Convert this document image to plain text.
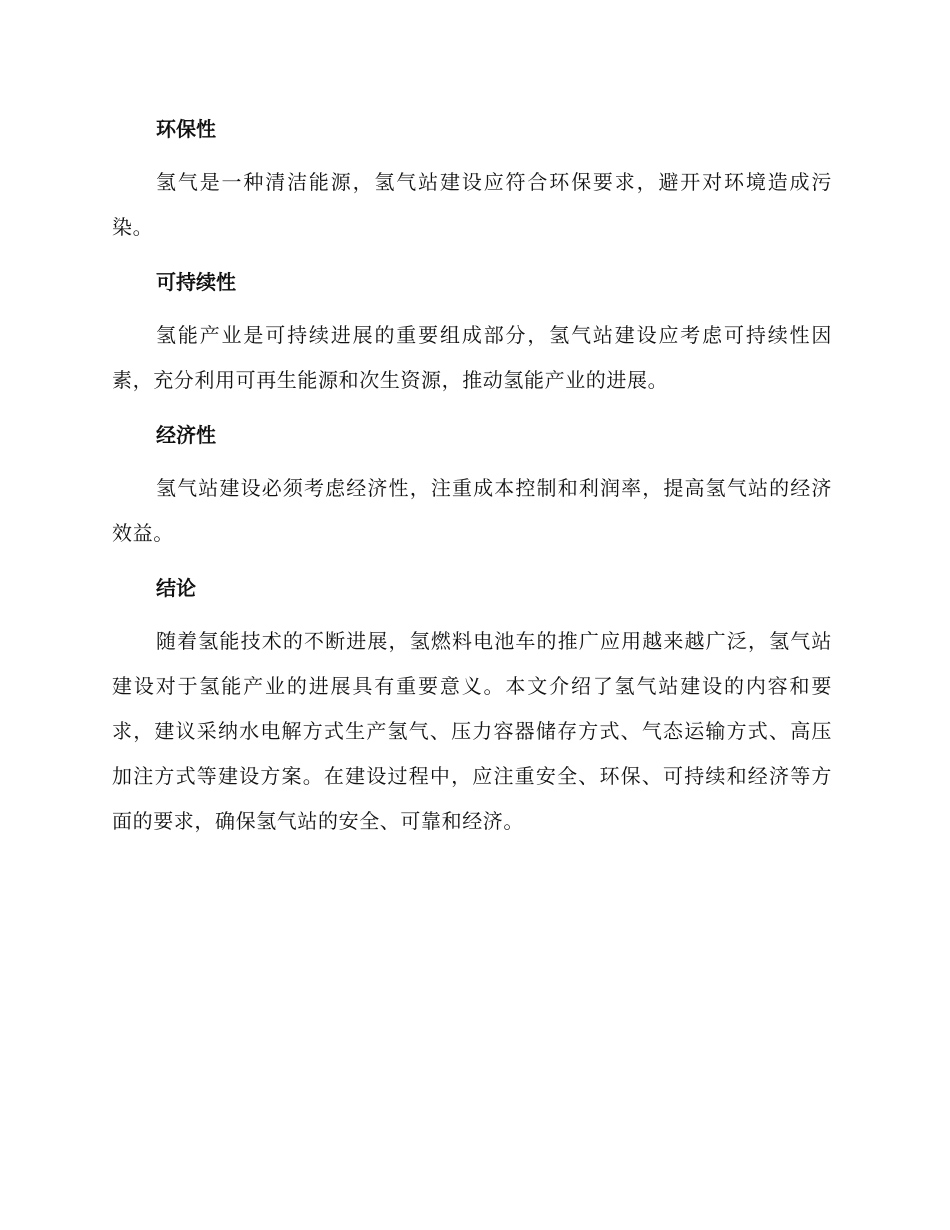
环保性

氢气是一种清洁能源，氢气站建设应符合环保要求，避开对环境造成污染。

可持续性

氢能产业是可持续进展的重要组成部分，氢气站建设应考虑可持续性因素，充分利用可再生能源和次生资源，推动氢能产业的进展。

经济性

氢气站建设必须考虑经济性，注重成本控制和利润率，提高氢气站的经济效益。

结论

随着氢能技术的不断进展，氢燃料电池车的推广应用越来越广泛，氢气站建设对于氢能产业的进展具有重要意义。本文介绍了氢气站建设的内容和要求，建议采纳水电解方式生产氢气、压力容器储存方式、气态运输方式、高压加注方式等建设方案。在建设过程中，应注重安全、环保、可持续和经济等方面的要求，确保氢气站的安全、可靠和经济。
